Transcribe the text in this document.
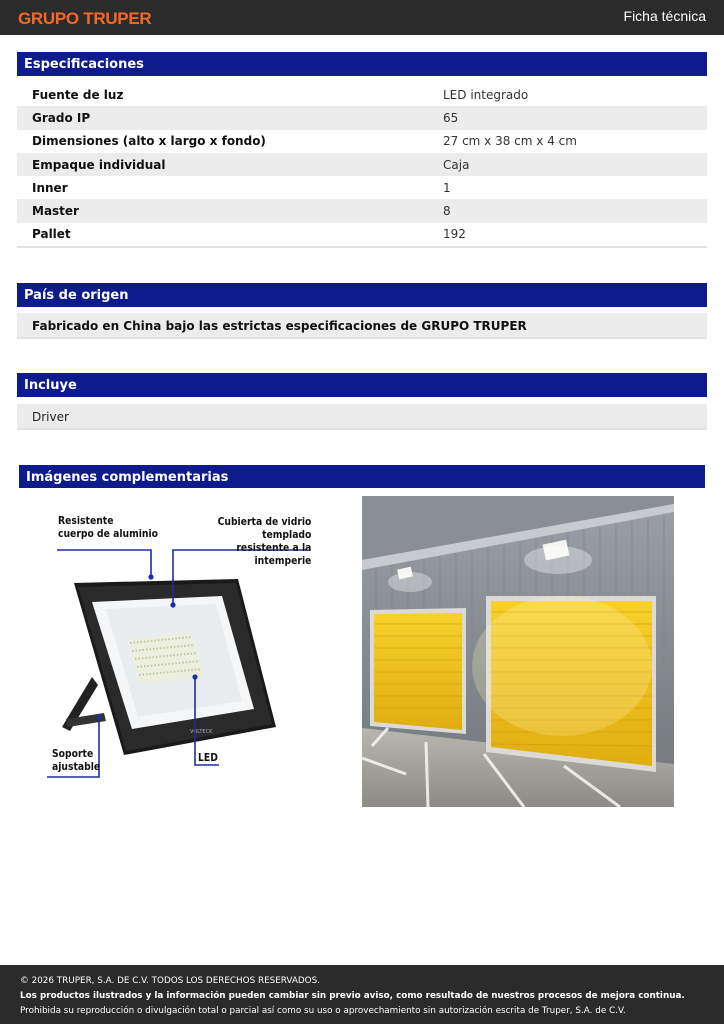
GRUPO TRUPER	Ficha técnica
Especificaciones
Fuente de luz	LED integrado
Grado IP	65
Dimensiones (alto x largo x fondo)	27 cm x 38 cm x 4 cm
Empaque individual	Caja
Inner	1
Master	8
Pallet	192
País de origen
Fabricado en China bajo las estrictas especificaciones de GRUPO TRUPER
Incluye
Driver
Imágenes complementarias
VOLTECK
Resistente
cuerpo de aluminio
Cubierta de vidrio templado
resistente a la intemperie
Soporte
ajustable
LED
© 2026 TRUPER, S.A. DE C.V. TODOS LOS DERECHOS RESERVADOS.
Los productos ilustrados y la información pueden cambiar sin previo aviso, como resultado de nuestros procesos de mejora continua.
Prohibida su reproducción o divulgación total o parcial así como su uso o aprovechamiento sin autorización escrita de Truper, S.A. de C.V.
